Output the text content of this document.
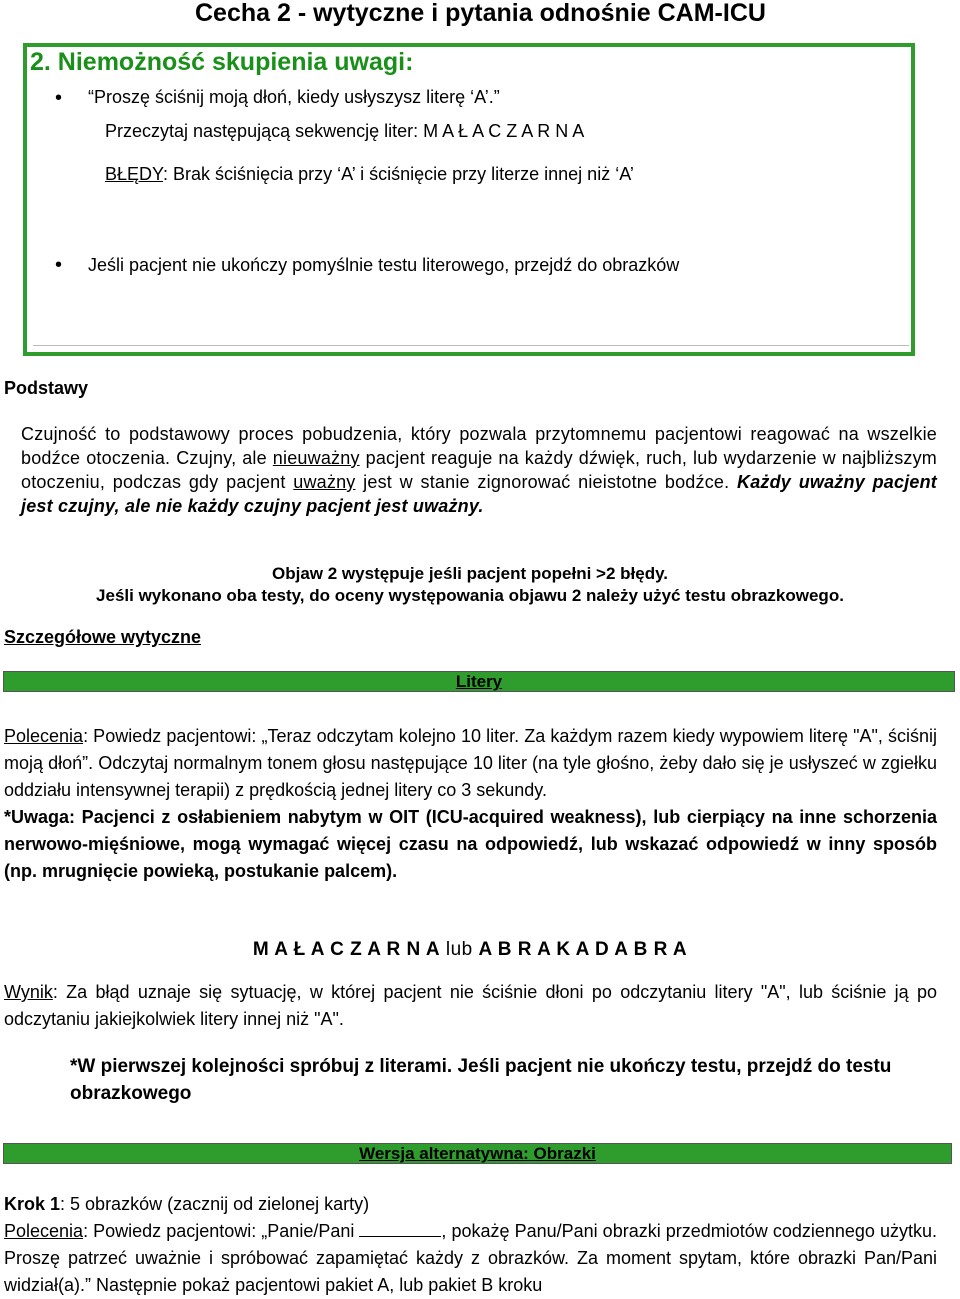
Cecha 2 - wytyczne i pytania odnośnie CAM-ICU
2. Niemożność skupienia uwagi:
• “Proszę ściśnij moją dłoń, kiedy usłyszysz literę ‘A’.”
Przeczytaj następującą sekwencję liter: M A Ł A C Z A R N A
BŁĘDY: Brak ściśnięcia przy ‘A’ i ściśnięcie przy literze innej niż ‘A’
• Jeśli pacjent nie ukończy pomyślnie testu literowego, przejdź do obrazków
Podstawy
Czujność to podstawowy proces pobudzenia, który pozwala przytomnemu pacjentowi reagować na wszelkie bodźce otoczenia. Czujny, ale nieuważny pacjent reaguje na każdy dźwięk, ruch, lub wydarzenie w najbliższym otoczeniu, podczas gdy pacjent uważny jest w stanie zignorować nieistotne bodźce. Każdy uważny pacjent jest czujny, ale nie każdy czujny pacjent jest uważny.
Objaw 2 występuje jeśli pacjent popełni >2 błędy.
Jeśli wykonano oba testy, do oceny występowania objawu 2 należy użyć testu obrazkowego.
Szczegółowe wytyczne
Litery
Polecenia: Powiedz pacjentowi: „Teraz odczytam kolejno 10 liter. Za każdym razem kiedy wypowiem literę "A", ściśnij moją dłoń”. Odczytaj normalnym tonem głosu następujące 10 liter (na tyle głośno, żeby dało się je usłyszeć w zgiełku oddziału intensywnej terapii) z prędkością jednej litery co 3 sekundy.
*Uwaga: Pacjenci z osłabieniem nabytym w OIT (ICU-acquired weakness), lub cierpiący na inne schorzenia nerwowo-mięśniowe, mogą wymagać więcej czasu na odpowiedź, lub wskazać odpowiedź w inny sposób (np. mrugnięcie powieką, postukanie palcem).
M A Ł A C Z A R N A lub A B R A K A D A B R A
Wynik: Za błąd uznaje się sytuację, w której pacjent nie ściśnie dłoni po odczytaniu litery "A", lub ściśnie ją po odczytaniu jakiejkolwiek litery innej niż "A".
*W pierwszej kolejności spróbuj z literami. Jeśli pacjent nie ukończy testu, przejdź do testu obrazkowego
Wersja alternatywna: Obrazki
Krok 1: 5 obrazków (zacznij od zielonej karty)
Polecenia: Powiedz pacjentowi: „Panie/Pani	, pokażę Panu/Pani obrazki przedmiotów codziennego użytku. Proszę patrzeć uważnie i spróbować zapamiętać każdy z obrazków. Za moment spytam, które obrazki Pan/Pani widział(a).” Następnie pokaż pacjentowi pakiet A, lub pakiet B kroku
